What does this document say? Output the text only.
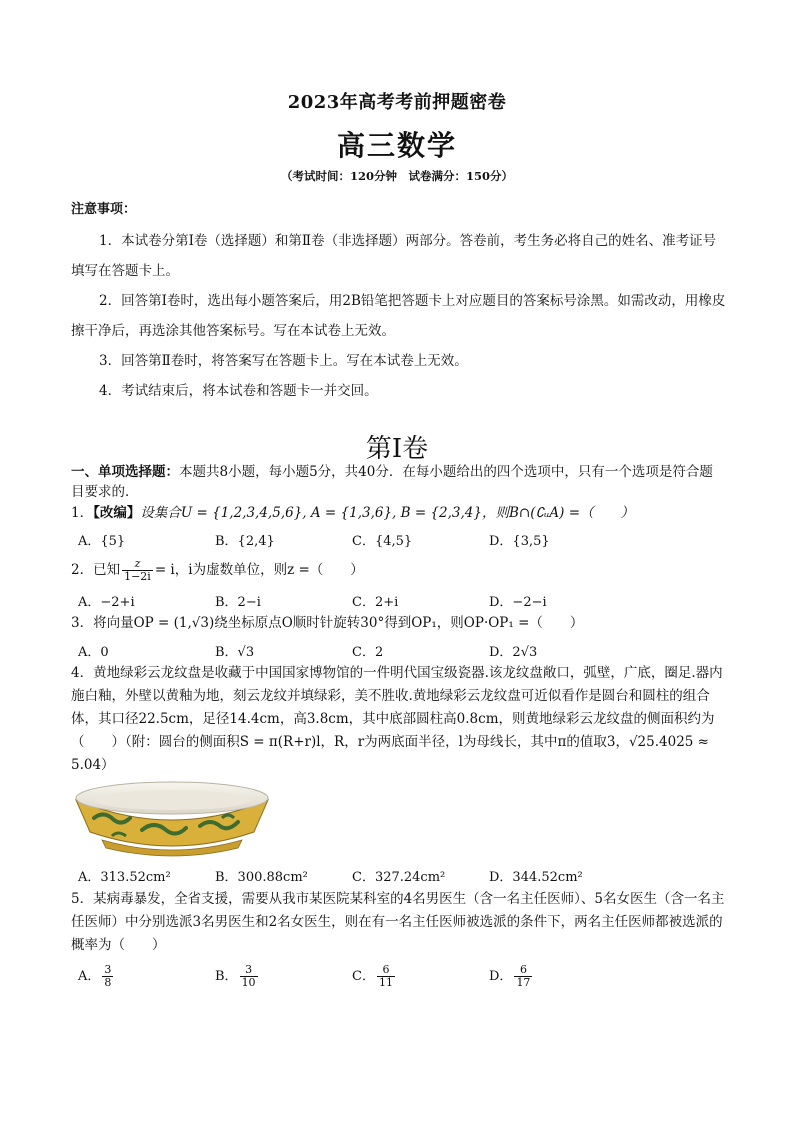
2023年高考考前押题密卷
高三数学
（考试时间：120分钟　试卷满分：150分）
注意事项：
1．本试卷分第Ⅰ卷（选择题）和第Ⅱ卷（非选择题）两部分。答卷前，考生务必将自己的姓名、准考证号填写在答题卡上。
2．回答第Ⅰ卷时，选出每小题答案后，用2B铅笔把答题卡上对应题目的答案标号涂黑。如需改动，用橡皮擦干净后，再选涂其他答案标号。写在本试卷上无效。
3．回答第Ⅱ卷时，将答案写在答题卡上。写在本试卷上无效。
4．考试结束后，将本试卷和答题卡一并交回。
第Ⅰ卷
一、单项选择题：本题共8小题，每小题5分，共40分．在每小题给出的四个选项中，只有一个选项是符合题目要求的．
1．【改编】设集合U = {1,2,3,4,5,6}, A = {1,3,6}, B = {2,3,4}，则B∩(∁ᵤA) =（　　）
A．{5}	B．{2,4}	C．{4,5}	D．{3,5}
2．已知 $\frac{z}{1-2i} = i$，i为虚数单位，则z =（　　）
A．−2+i	B．2−i	C．2+i	D．−2−i
3．将向量OP = (1,√3)绕坐标原点O顺时针旋转30°得到OP₁，则OP·OP₁ =（　　）
A．0	B．√3	C．2	D．2√3
4．黄地绿彩云龙纹盘是收藏于中国国家博物馆的一件明代国宝级瓷器.该龙纹盘敞口，弧壁，广底，圈足.器内施白釉，外壁以黄釉为地，刻云龙纹并填绿彩，美不胜收.黄地绿彩云龙纹盘可近似看作是圆台和圆柱的组合体，其口径22.5cm，足径14.4cm，高3.8cm，其中底部圆柱高0.8cm，则黄地绿彩云龙纹盘的侧面积约为（　　）（附：圆台的侧面积S = π(R+r)l，R，r为两底面半径，l为母线长，其中π的值取3，√25.4025 ≈ 5.04）
A．313.52cm²	B．300.88cm²	C．327.24cm²	D．344.52cm²
5．某病毒暴发，全省支援，需要从我市某医院某科室的4名男医生（含一名主任医师）、5名女医生（含一名主任医师）中分别选派3名男医生和2名女医生，则在有一名主任医师被选派的条件下，两名主任医师都被选派的概率为（　　）
A． $\frac{3}{8}$	B． $\frac{3}{10}$	C． $\frac{6}{11}$	D． $\frac{6}{17}$
